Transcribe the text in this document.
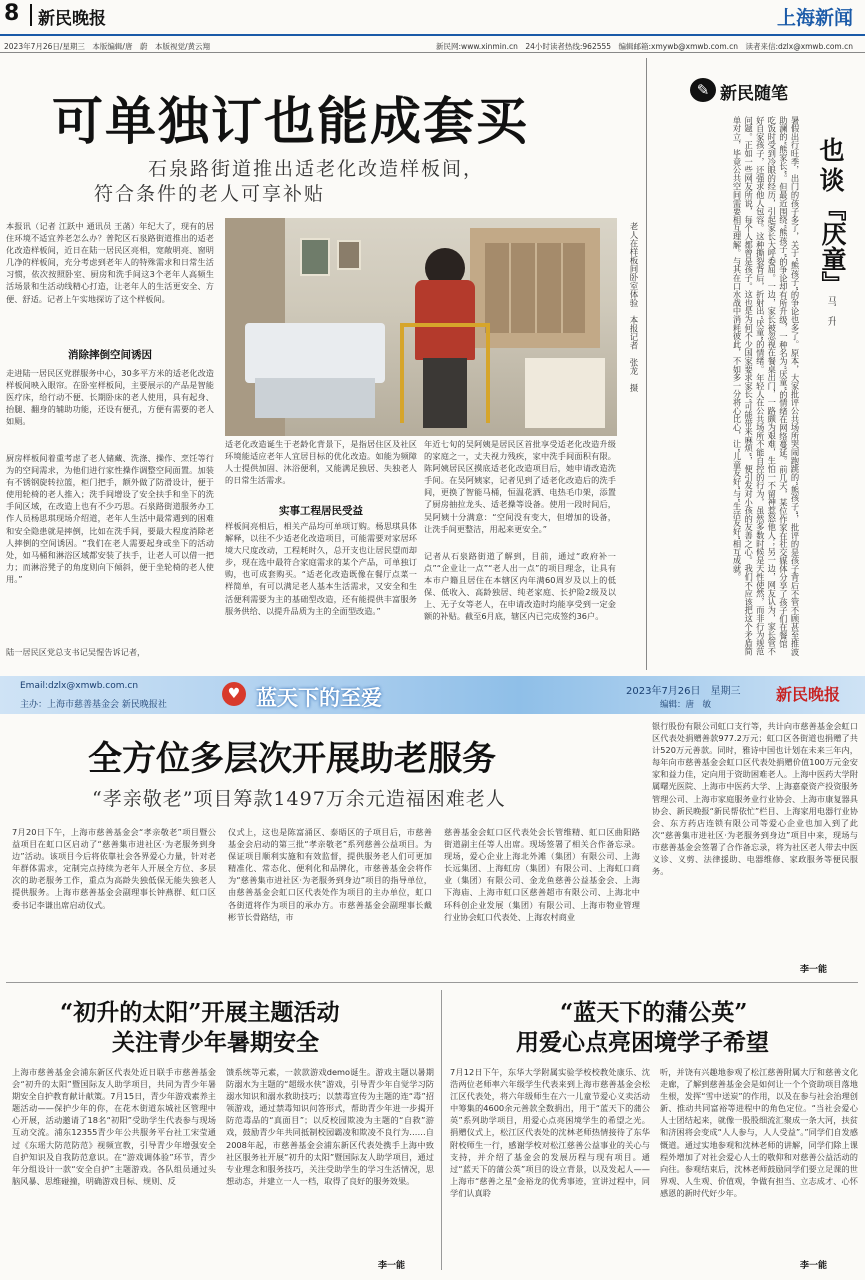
8 新民晚报	上海新闻
2023年7月26日/星期三　本版编辑/唐　蔚　本版视觉/黄云翔	新民网:www.xinmin.cn　24小时读者热线:962555　编辑邮箱:xmywb@xmwb.com.cn　读者来信:dzlx@xmwb.com.cn
可单独订也能成套买
石泉路街道推出适老化改造样板间，
符合条件的老人可享补贴
本报讯（记者 江跃中 通讯员 王菡）年纪大了，现有的居住环境不适宜养老怎么办？普陀区石泉路街道推出的适老化改造样板间，近日在陆一居民区亮相，宽敞明亮、窗明几净的样板间，充分考虑到老年人的特殊需求和日常生活习惯，依次按照卧室、厨房和洗手间这3个老年人高频生活场景和生活动线精心打造，让老年人的生活更安全、方便、舒适。记者上午实地探访了这个样板间。
消除摔倒空间诱因
走进陆一居民区党群服务中心，30多平方米的适老化改造样板间映入眼帘。在卧室样板间，主要展示的产品是智能医疗床，给行动不便、长期卧床的老人使用，具有起身、抬腿、翻身的辅助功能，还设有便孔，方便有需要的老人如厕。
厨房样板间着重考虑了老人储藏、洗涤、操作、烹饪等行为的空间需求，为他们进行家性操作调整空间面置。加装有不锈钢旋转拉篮，柜门把手，额外做了防滑设计，便于使用轮椅的老人推入；洗手间增设了安全扶手和坐下的洗手间区域，在改造上也有不少巧思。石泉路街道服务办工作人员杨思琪现场介绍道，老年人生活中最常遇到的困难和安全隐患就是摔倒，比如在洗手间，要最大程度消除老人摔倒的空间诱因。“我们在老人需要起身或坐下的活动处，如马桶和淋浴区域都安装了扶手，让老人可以借一把力；而淋浴凳子的角度则向下倾斜，便于坐轮椅的老人使用。”
陆一居民区党总支书记吴惺告诉记者，
老人在样板间卧室体验　本报记者　张龙　摄
适老化改造诞生于老龄化背景下，是指居住区及社区环境能适应老年人宜居目标的优化改造。如能为频障人士提供加固、沐浴便利，又能满足独居、失独老人的日常生活需求。
实事工程居民受益
样板间亮相后，相关产品均可单项订购。杨思琪具体解释，以往不少适老化改造项目，可能需要对家居环境大尺度改动，工程耗时久，总开支也让居民望而却步，现在选中最符合家庭需求的某个产品，可单独订购，也可成套购买。“适老化改造既像在餐厅点菜一样简单，有可以满足老人基本生活需求，又安全和生活便利需要为主的基础型改造，还有能提供丰富服务服务供给、以提升品质为主的全面型改造。”
年近七旬的吴阿姨是居民区首批享受适老化改造升级的家庭之一，丈夫视力残疾，家中洗手间面积有限。陈阿姨居民区摸底适老化改造项目后，她申请改造洗手间。在吴阿姨家，记者见到了适老化改造后的洗手间，更换了智能马桶，恒温花洒、电热毛巾架，添置了厨房抽拉龙头、适老操等设备。使用一段时间后，吴阿姨十分满意：“空间没有变大，但增加的设备，让洗手间更整洁，用起来更安全。”
记者从石泉路街道了解到，目前，通过“政府补一点”“企业让一点”“老人出一点”的项目理念，让具有本市户籍且居住在本辖区内年满60周岁及以上的低保、低收入、高龄独居、纯老家庭、长护险2级及以上、无子女等老人，在申请改造时均能享受到一定金额的补贴。截至6月底，辖区内已完成签约36户。
✎ 新民随笔
暑假出行旺季，出门的孩子多了，关于“熊孩子”的争论也多了。原本，大家批评公共场所哭闹跑跳的“熊孩子”，批评的是孩子背后不管不顾甚至推波助澜的“熊家长”。但最近围绕“熊孩子”的争论却有所升级，一种名为“厌童”的情绪在网络蔓延。前几天，某位作家在社交媒体分享了孩子们在餐馆吃饭时受到冷眼的经历，引起家长大呼委屈。一边，家长被忽视在餐桌出门，一路颇为艰难，生怕一不留神惹怒他人；另一边，网友认为，家长管不好自家孩子，还强求他人包容。这种撕裂背后，折射出“厌童”的情绪。年轻人在公共场所不能自控的行为，虽然多数时候是天性使然，而非行为规范问题。正如一些网友所说，每个人都曾是孩子。这也是为何不少国家要求家长“可能带来麻烦”，便引发对小孩的友善之心。我们不应该把这个矛盾简单对立，毕竟公共空间需要相互理解。与其在口水战中消耗彼此，不如多一分将心比心，让“儿童友好”与“生活友好”相互成就。	也
谈
『厌童』
马　升
Email:dzlx@xmwb.com.cn
主办：上海市慈善基金会 新民晚报社
♥ 蓝天下的至爱	2023年7月26日　星期三
编辑：唐　敏
新民晚报
全方位多层次开展助老服务
“孝亲敬老”项目筹款1497万余元造福困难老人
7月20日下午，上海市慈善基金会“孝亲敬老”项目暨公益项目在虹口区启动了“慈善集市进社区·为老服务到身边”活动。该项目今后将依靠社会各界爱心力量，针对老年群体需求，定制完点持续为老年人开展全方位、多层次的助老服务工作，重点为高龄失独低保无能失独老人提供服务。上海市慈善基金会副理事长钟燕群、虹口区委书记李谦出席启动仪式。
仪式上，这也是陈富涌区、泰晤区的子项目后，市慈善基金会启动的第三批“孝亲敬老”系列慈善公益项目。为保证项目顺利实施和有效监督，提供服务老人们可更加精准化、常态化、便利化和品牌化，市慈善基金会将作为“慈善集市进社区·为老服务到身边”项目的指导单位，由慈善基金会虹口区代表处作为项目的主办单位，虹口各街道将作为项目的承办方。市慈善基金会副理事长戴彬节长骨路结，市
慈善基金会虹口区代表处会长管维精、虹口区曲阳路街道副主任等人出席。现场签署了相关合作备忘录。现场，爱心企业上海北外滩（集团）有限公司、上海长远集团、上海虹房（集团）有限公司、上海虹口商业（集团）有限公司、金龙鱼慈善公益基金会、上海下海庙、上海市虹口区慈善超市有限公司、上海北中环科创企业发展（集团）有限公司、上海市物业管理行业协会虹口代表处、上海农村商业
银行股份有限公司虹口支行等，共计向市慈善基金会虹口区代表处捐赠善款977.2万元；虹口区各街道也捐赠了共计520万元善款。同时，雅诗中国也计划在未来三年内，每年向市慈善基金会虹口区代表处捐赠价值100万元金安家和益力佳，定向用于资助困难老人。上海中医药大学附属曙光医院、上海市中医药大学、上海嘉豪资产投资服务管理公司、上海市家庭服务业行业协会、上海市康复器具协会、新民晚报“新民帮依忙”栏目、上海家用电器行业协会、东方药店连锁有限公司等爱心企业也加入到了此次“慈善集市进社区·为老服务到身边”项目中来，现场与市慈善基金会签署了合作备忘录，将为社区老人带去中医义诊、义剪、法律援助、电器维修、家政服务等便民服务。
李一能
“初升的太阳”开展主题活动
关注青少年暑期安全
上海市慈善基金会浦东新区代表处近日联手市慈善基金会“初升的太阳”暨国际友人助学项目，共同为青少年暑期安全自护教育献计献策。7月15日，青少年游戏素养主题活动——保护少年的你，在花木街道东城社区管理中心开展，活动邀请了18名“初阳”受助学生代表参与现场互动交流。浦东12355青少年公共服务平台社工宋莹通过《东瑶大防范防范》视频宣教，引导青少年增强安全自护知识及自我防范意识。在“游戏调体验”环节，青少年分组设计一款“安全自护”主题游戏。各队组员通过头脑风暴、思维碰撞，明确游戏目标、规则、反
馈系统等元素，一款款游戏demo诞生。游戏主题以暑期防溺水为主题的“超级水侠”游戏，引导青少年自觉学习防溺水知识和溺水救助技巧；以禁毒宣传为主题的连“毒”招领游戏，通过禁毒知识问答形式，帮助青少年进一步揭开防范毒品的“真面目”；以反校园欺凌为主题的“自救”游戏，鼓励青少年共同抵制校园霸凌和欺凌不良行为……自2008年起，市慈善基金会浦东新区代表处携手上海中致社区服务社开展“初升的太阳”暨国际友人助学项目，通过专业理念和服务技巧，关注受助学生的学习生活情况，思想动态，并建立一人一档，取得了良好的服务效果。
李一能
“蓝天下的蒲公英”
用爱心点亮困境学子希望
7月12日下午，东华大学附属实验学校校教处康乐、沈浩两位老师率六年级学生代表来到上海市慈善基金会松江区代表处，将六年级师生在六一儿童节爱心义卖活动中筹集的4600余元善款全数捐出，用于“蓝天下的蒲公英”系列助学项目，用爱心点亮困境学生的希望之光。捐赠仪式上，松江区代表处的沈林老师热情接待了东华附校师生一行，感谢学校对松江慈善公益事业的关心与支持，并介绍了基金会的发展历程与现有项目。通过“蓝天下的蒲公英”项目的设立背景，以及发起人——上海市“慈善之星”金裕龙的优秀事迹，宣讲过程中，同学们认真聆
听，并饶有兴趣地参观了松江慈善附属大厅和慈善文化走廊，了解到慈善基金会是如何让一个个资助项目落地生根，发挥“雪中送炭”的作用，以及在参与社会治理创新、推动共同富裕等进程中的角色定位。“当社会爱心人士团结起来，就像一股股细流汇聚成一条大河，扶贫和济困将会变成“人人参与，人人受益”。”同学们自发感慨道。通过实地参观和沈林老师的讲解，同学们除上课程外增加了对社会爱心人士的敬仰和对慈善公益活动的向往。参观结束后，沈林老师鼓励同学们要立足课的世界观、人生观、价值观，争做有担当、立志成才、心怀感恩的新时代好少年。
李一能
